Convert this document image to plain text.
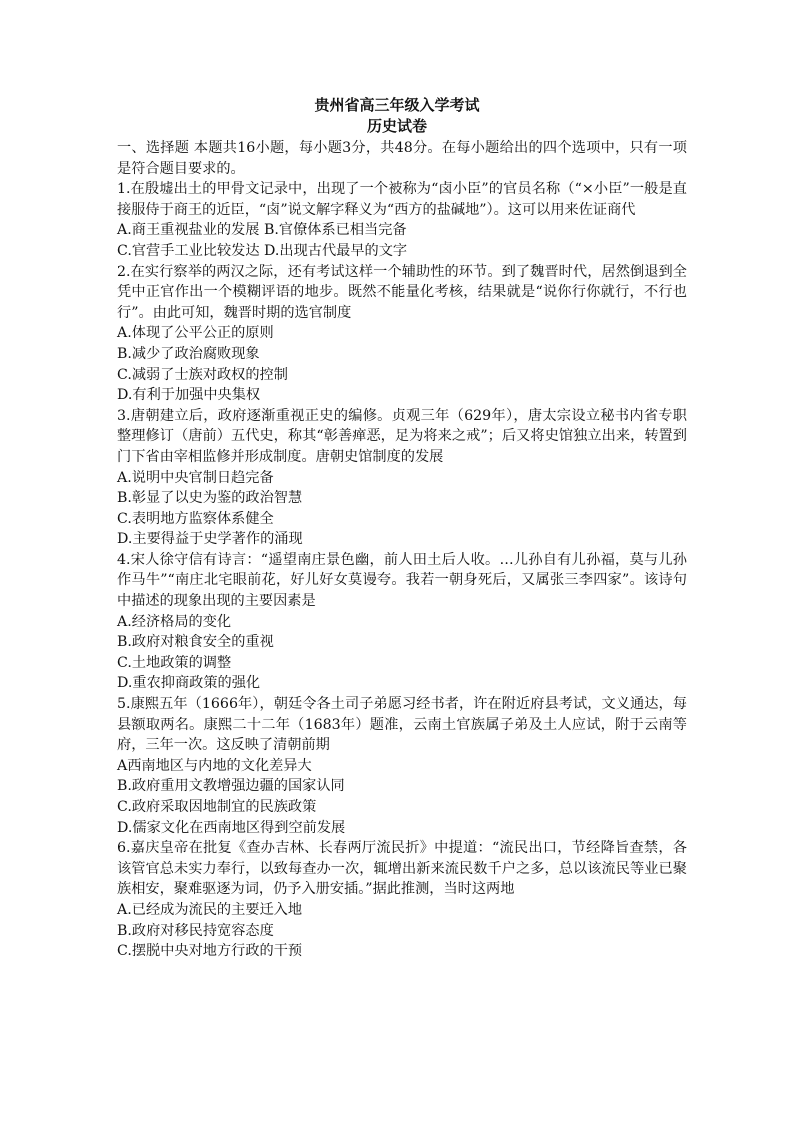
贵州省高三年级入学考试
历史试卷

一、选择题 本题共16小题，每小题3分，共48分。在每小题给出的四个选项中，只有一项是符合题目要求的。

1.在殷墟出土的甲骨文记录中，出现了一个被称为“卤小臣”的官员名称（“×小臣”一般是直接服侍于商王的近臣，“卤”说文解字释义为“西方的盐碱地”）。这可以用来佐证商代

A.商王重视盐业的发展 B.官僚体系已相当完备

C.官营手工业比较发达 D.出现古代最早的文字

2.在实行察举的两汉之际，还有考试这样一个辅助性的环节。到了魏晋时代，居然倒退到全凭中正官作出一个模糊评语的地步。既然不能量化考核，结果就是“说你行你就行，不行也行”。由此可知，魏晋时期的选官制度

A.体现了公平公正的原则

B.减少了政治腐败现象

C.减弱了士族对政权的控制

D.有利于加强中央集权

3.唐朝建立后，政府逐渐重视正史的编修。贞观三年（629年），唐太宗设立秘书内省专职整理修订（唐前）五代史，称其“彰善瘅恶，足为将来之戒”；后又将史馆独立出来，转置到门下省由宰相监修并形成制度。唐朝史馆制度的发展

A.说明中央官制日趋完备

B.彰显了以史为鉴的政治智慧

C.表明地方监察体系健全

D.主要得益于史学著作的涌现

4.宋人徐守信有诗言：“遥望南庄景色幽，前人田土后人收。…儿孙自有儿孙福，莫与儿孙作马牛”“南庄北宅眼前花，好儿好女莫谩夸。我若一朝身死后，又属张三李四家”。该诗句中描述的现象出现的主要因素是

A.经济格局的变化

B.政府对粮食安全的重视

C.土地政策的调整

D.重农抑商政策的强化

5.康熙五年（1666年），朝廷令各土司子弟愿习经书者，许在附近府县考试，文义通达，每县额取两名。康熙二十二年（1683年）题准，云南土官族属子弟及土人应试，附于云南等府，三年一次。这反映了清朝前期

A西南地区与内地的文化差异大

B.政府重用文教增强边疆的国家认同

C.政府采取因地制宜的民族政策

D.儒家文化在西南地区得到空前发展

6.嘉庆皇帝在批复《查办吉林、长春两厅流民折》中提道：“流民出口，节经降旨查禁，各该管官总未实力奉行，以致每查办一次，辄增出新来流民数千户之多，总以该流民等业已聚族相安，聚难驱逐为词，仍予入册安插。”据此推测，当时这两地

A.已经成为流民的主要迁入地

B.政府对移民持宽容态度

C.摆脱中央对地方行政的干预
